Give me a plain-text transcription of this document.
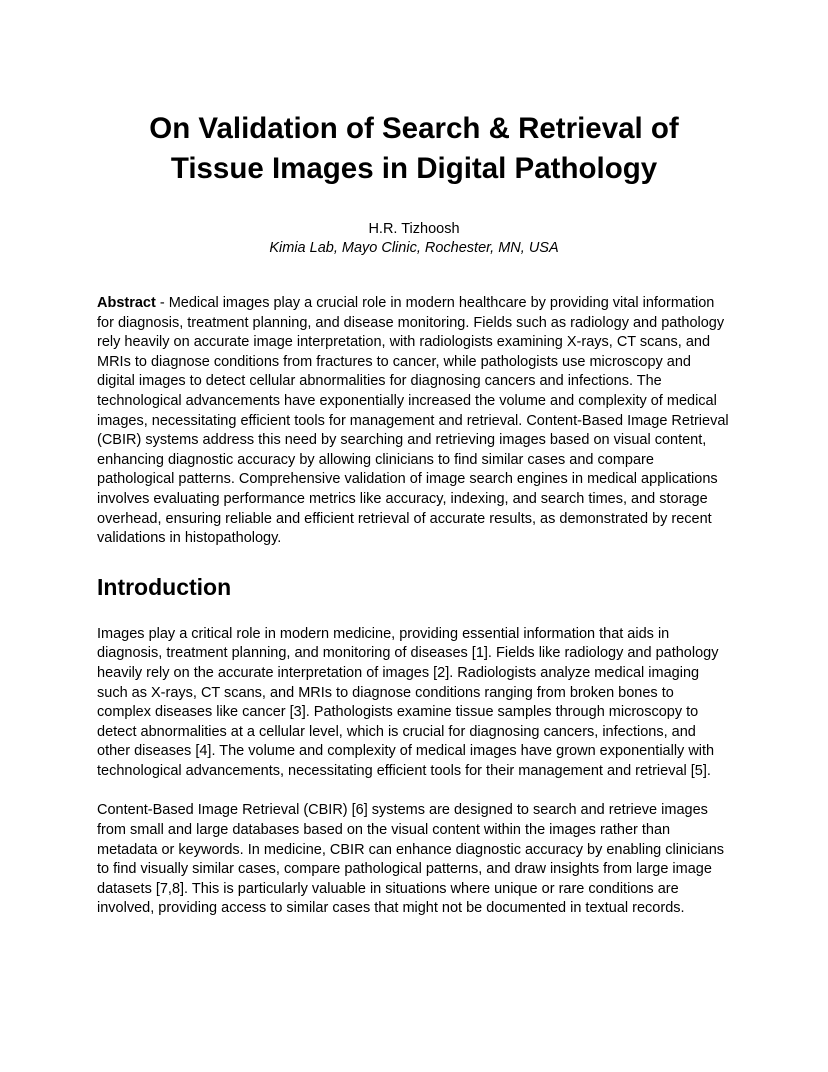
On Validation of Search & Retrieval of
Tissue Images in Digital Pathology

H.R. Tizhoosh

Kimia Lab, Mayo Clinic, Rochester, MN, USA

Abstract - Medical images play a crucial role in modern healthcare by providing vital information for diagnosis, treatment planning, and disease monitoring. Fields such as radiology and pathology rely heavily on accurate image interpretation, with radiologists examining X-rays, CT scans, and MRIs to diagnose conditions from fractures to cancer, while pathologists use microscopy and digital images to detect cellular abnormalities for diagnosing cancers and infections. The technological advancements have exponentially increased the volume and complexity of medical images, necessitating efficient tools for management and retrieval. Content-Based Image Retrieval (CBIR) systems address this need by searching and retrieving images based on visual content, enhancing diagnostic accuracy by allowing clinicians to find similar cases and compare pathological patterns. Comprehensive validation of image search engines in medical applications involves evaluating performance metrics like accuracy, indexing, and search times, and storage overhead, ensuring reliable and efficient retrieval of accurate results, as demonstrated by recent validations in histopathology.

Introduction

Images play a critical role in modern medicine, providing essential information that aids in diagnosis, treatment planning, and monitoring of diseases [1]. Fields like radiology and pathology heavily rely on the accurate interpretation of images [2]. Radiologists analyze medical imaging such as X-rays, CT scans, and MRIs to diagnose conditions ranging from broken bones to complex diseases like cancer [3]. Pathologists examine tissue samples through microscopy to detect abnormalities at a cellular level, which is crucial for diagnosing cancers, infections, and other diseases [4]. The volume and complexity of medical images have grown exponentially with technological advancements, necessitating efficient tools for their management and retrieval [5].

Content-Based Image Retrieval (CBIR) [6] systems are designed to search and retrieve images from small and large databases based on the visual content within the images rather than metadata or keywords. In medicine, CBIR can enhance diagnostic accuracy by enabling clinicians to find visually similar cases, compare pathological patterns, and draw insights from large image datasets [7,8]. This is particularly valuable in situations where unique or rare conditions are involved, providing access to similar cases that might not be documented in textual records.
